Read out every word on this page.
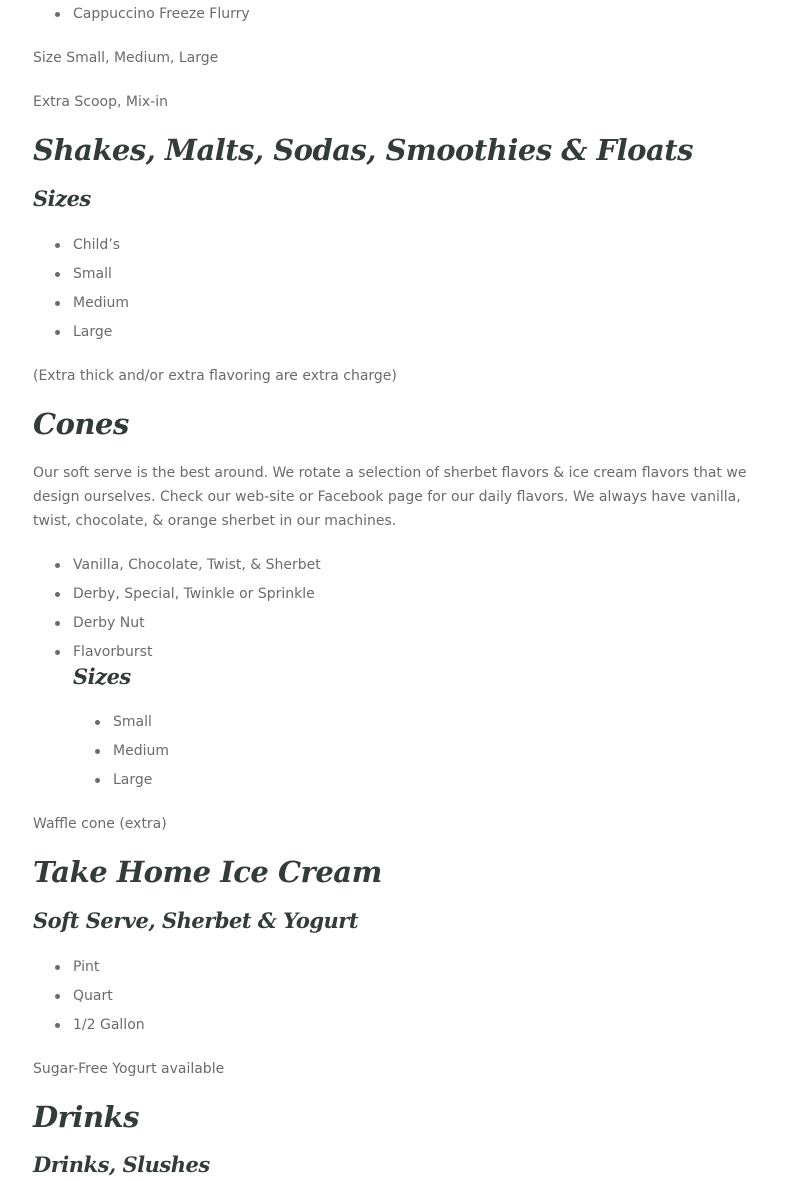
Cappuccino Freeze Flurry
Size Small, Medium, Large
Extra Scoop, Mix-in
Shakes, Malts, Sodas, Smoothies & Floats
Sizes
Child’s
Small
Medium
Large
(Extra thick and/or extra flavoring are extra charge)
Cones
Our soft serve is the best around. We rotate a selection of sherbet flavors & ice cream flavors that we design ourselves. Check our web-site or Facebook page for our daily flavors. We always have vanilla, twist, chocolate, & orange sherbet in our machines.
Vanilla, Chocolate, Twist, & Sherbet
Derby, Special, Twinkle or Sprinkle
Derby Nut
Flavorburst
Sizes
Small
Medium
Large
Waffle cone (extra)
Take Home Ice Cream
Soft Serve, Sherbet & Yogurt
Pint
Quart
1/2 Gallon
Sugar-Free Yogurt available
Drinks
Drinks, Slushes
